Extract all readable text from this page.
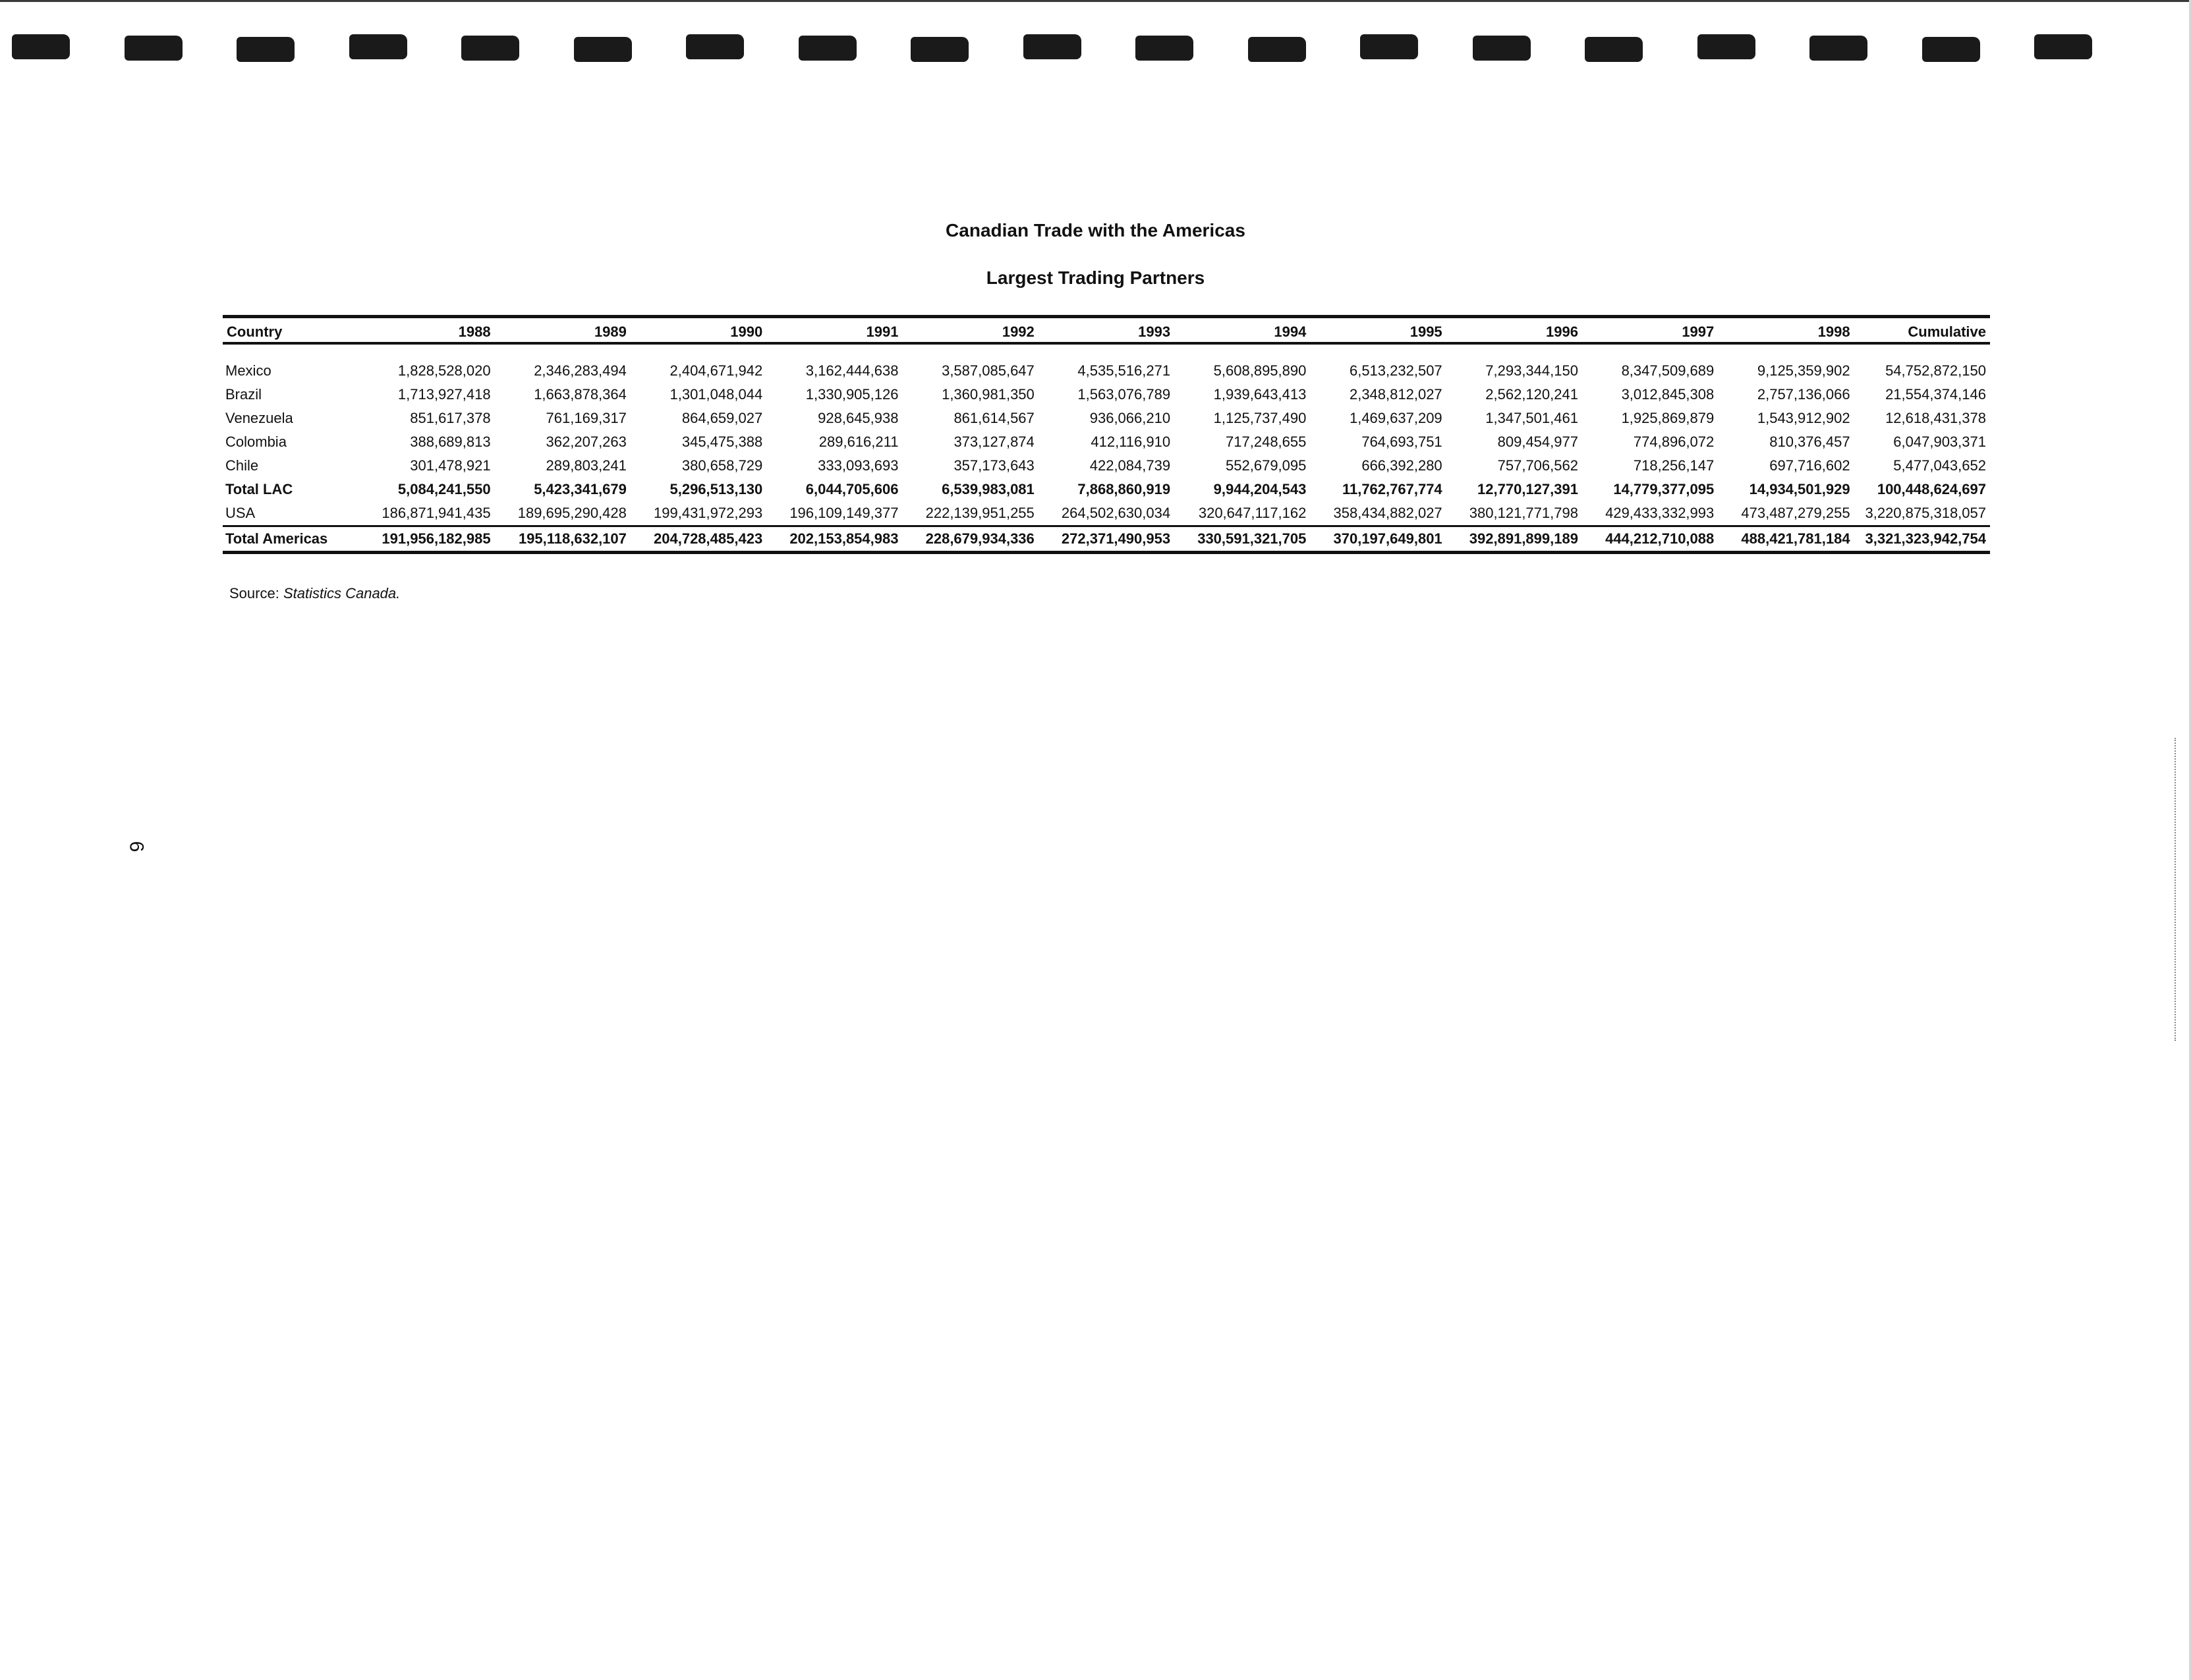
6
Canadian Trade with the Americas
Largest Trading Partners
Country	1988	1989	1990	1991	1992	1993	1994	1995	1996	1997	1998	Cumulative

Mexico	1,828,528,020	2,346,283,494	2,404,671,942	3,162,444,638	3,587,085,647	4,535,516,271	5,608,895,890	6,513,232,507	7,293,344,150	8,347,509,689	9,125,359,902	54,752,872,150
Brazil	1,713,927,418	1,663,878,364	1,301,048,044	1,330,905,126	1,360,981,350	1,563,076,789	1,939,643,413	2,348,812,027	2,562,120,241	3,012,845,308	2,757,136,066	21,554,374,146
Venezuela	851,617,378	761,169,317	864,659,027	928,645,938	861,614,567	936,066,210	1,125,737,490	1,469,637,209	1,347,501,461	1,925,869,879	1,543,912,902	12,618,431,378
Colombia	388,689,813	362,207,263	345,475,388	289,616,211	373,127,874	412,116,910	717,248,655	764,693,751	809,454,977	774,896,072	810,376,457	6,047,903,371
Chile	301,478,921	289,803,241	380,658,729	333,093,693	357,173,643	422,084,739	552,679,095	666,392,280	757,706,562	718,256,147	697,716,602	5,477,043,652
Total LAC	5,084,241,550	5,423,341,679	5,296,513,130	6,044,705,606	6,539,983,081	7,868,860,919	9,944,204,543	11,762,767,774	12,770,127,391	14,779,377,095	14,934,501,929	100,448,624,697
USA	186,871,941,435	189,695,290,428	199,431,972,293	196,109,149,377	222,139,951,255	264,502,630,034	320,647,117,162	358,434,882,027	380,121,771,798	429,433,332,993	473,487,279,255	3,220,875,318,057
Total Americas	191,956,182,985	195,118,632,107	204,728,485,423	202,153,854,983	228,679,934,336	272,371,490,953	330,591,321,705	370,197,649,801	392,891,899,189	444,212,710,088	488,421,781,184	3,321,323,942,754
Source: Statistics Canada.
